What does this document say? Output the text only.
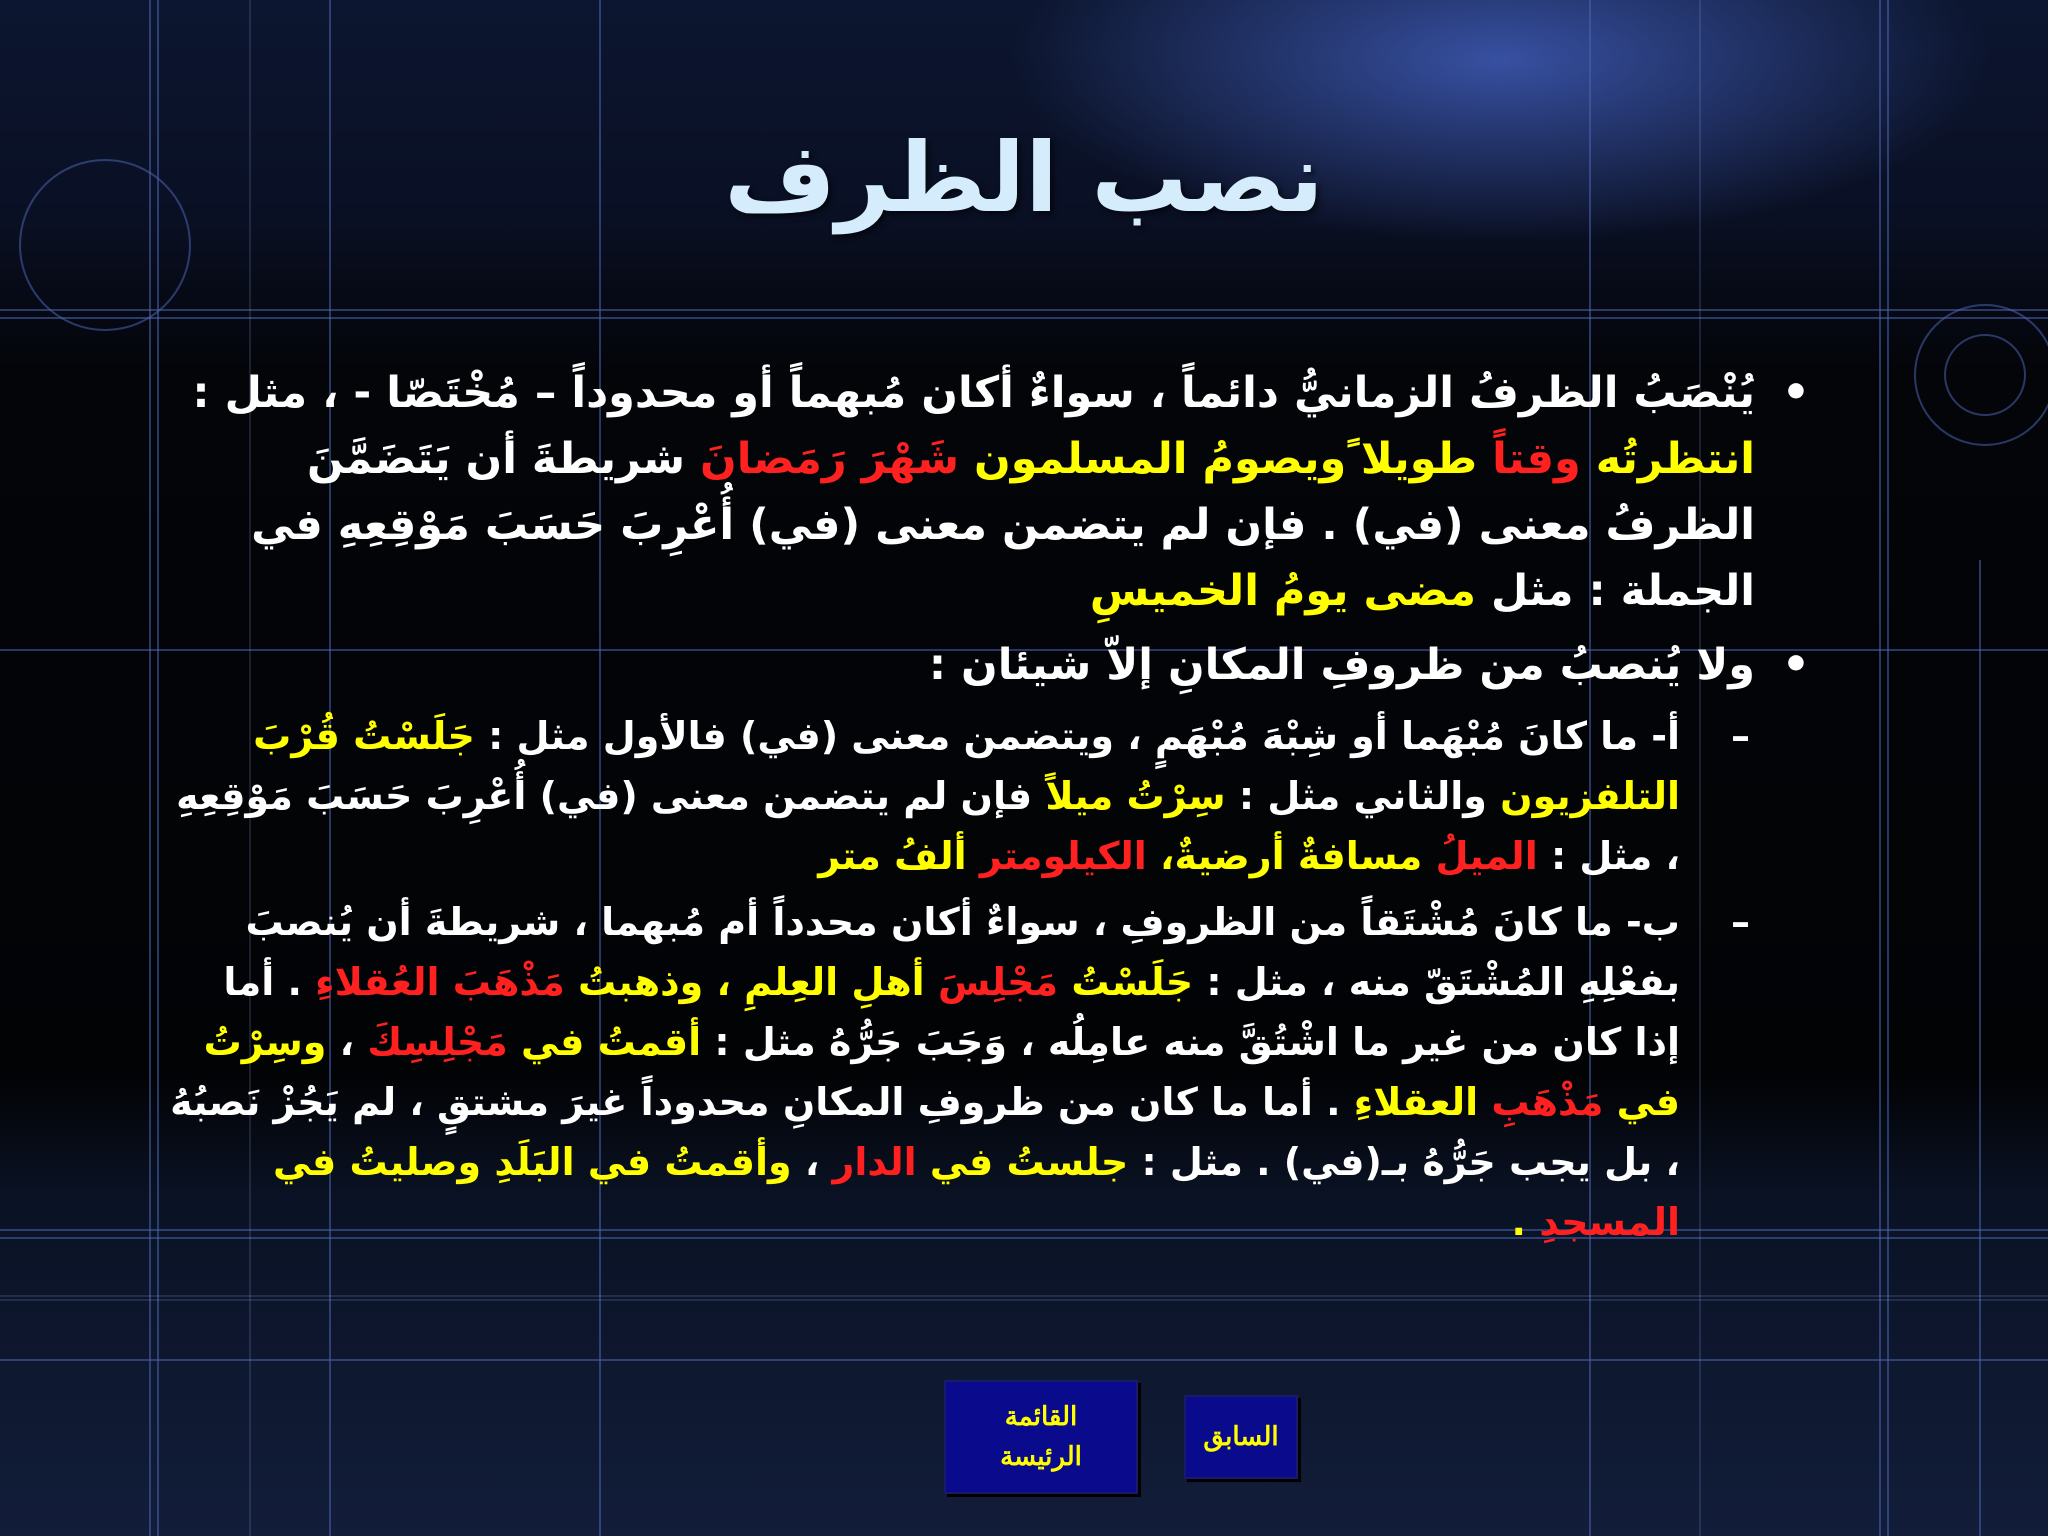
نصب الظرف
•
يُنْصَبُ الظرفُ الزمانيُّ دائماً ، سواءٌ أكان مُبهماً أو محدوداً – مُخْتَصّا - ، مثل : انتظرتُه وقتاً طويلا ًويصومُ المسلمون شَهْرَ رَمَضانَ شريطةَ أن يَتَضَمَّنَ الظرفُ معنى (في) . فإن لم يتضمن معنى (في) أُعْرِبَ حَسَبَ مَوْقِعِهِ في الجملة : مثل مضى يومُ الخميسِ
•
ولا يُنصبُ من ظروفِ المكانِ إلاّ شيئان :
–
أ- ما كانَ مُبْهَما أو شِبْهَ مُبْهَمٍ ، ويتضمن معنى (في) فالأول مثل : جَلَسْتُ قُرْبَ التلفزيون والثاني مثل : سِرْتُ ميلاً فإن لم يتضمن معنى (في) أُعْرِبَ حَسَبَ مَوْقِعِهِ ، مثل : الميلُ مسافةٌ أرضيةٌ، الكيلومتر ألفُ متر
–
ب- ما كانَ مُشْتَقاً من الظروفِ ، سواءٌ أكان محدداً أم مُبهما ، شريطةَ أن يُنصبَ بفعْلِهِ المُشْتَقّ منه ، مثل : جَلَسْتُ مَجْلِسَ أهلِ العِلمِ ، وذهبتُ مَذْهَبَ العُقلاءِ . أما إذا كان من غير ما اشْتُقَّ منه عامِلُه ، وَجَبَ جَرُّهُ مثل : أقمتُ في مَجْلِسِكَ ، وسِرْتُ في مَذْهَبِ العقلاءِ . أما ما كان من ظروفِ المكانِ محدوداً غيرَ مشتقٍ ، لم يَجُزْ نَصبُهُ ، بل يجب جَرُّهُ بـ(في) . مثل : جلستُ في الدار ، وأقمتُ في البَلَدِ وصليتُ في المسجدِ .
القائمة
الرئيسة
السابق
